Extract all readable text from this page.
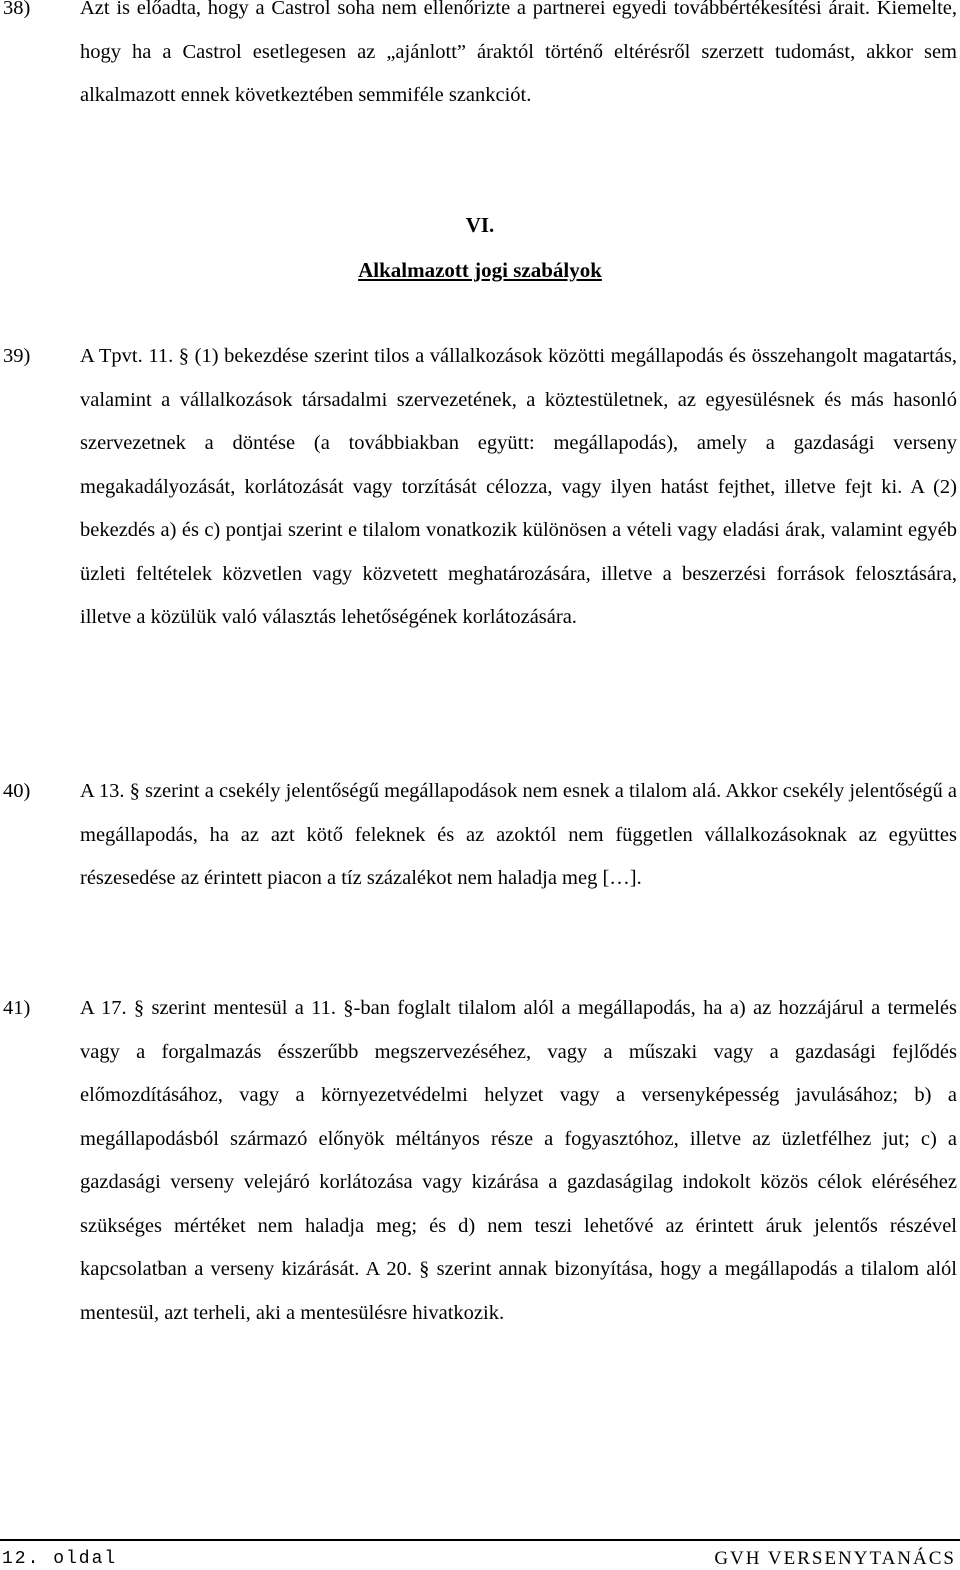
38) Azt is előadta, hogy a Castrol soha nem ellenőrizte a partnerei egyedi továbbértékesítési árait. Kiemelte, hogy ha a Castrol esetlegesen az „ajánlott” áraktól történő eltérésről szerzett tudomást, akkor sem alkalmazott ennek következtében semmiféle szankciót.
VI.
Alkalmazott jogi szabályok
39) A Tpvt. 11. § (1) bekezdése szerint tilos a vállalkozások közötti megállapodás és összehangolt magatartás, valamint a vállalkozások társadalmi szervezetének, a köztestületnek, az egyesülésnek és más hasonló szervezetnek a döntése (a továbbiakban együtt: megállapodás), amely a gazdasági verseny megakadályozását, korlátozását vagy torzítását célozza, vagy ilyen hatást fejthet, illetve fejt ki. A (2) bekezdés a) és c) pontjai szerint e tilalom vonatkozik különösen a vételi vagy eladási árak, valamint egyéb üzleti feltételek közvetlen vagy közvetett meghatározására, illetve a beszerzési források felosztására, illetve a közülük való választás lehetőségének korlátozására.
40) A 13. § szerint a csekély jelentőségű megállapodások nem esnek a tilalom alá. Akkor csekély jelentőségű a megállapodás, ha az azt kötő feleknek és az azoktól nem független vállalkozásoknak az együttes részesedése az érintett piacon a tíz százalékot nem haladja meg […].
41) A 17. § szerint mentesül a 11. §-ban foglalt tilalom alól a megállapodás, ha a) az hozzájárul a termelés vagy a forgalmazás ésszerűbb megszervezéséhez, vagy a műszaki vagy a gazdasági fejlődés előmozdításához, vagy a környezetvédelmi helyzet vagy a versenyképesség javulásához; b) a megállapodásból származó előnyök méltányos része a fogyasztóhoz, illetve az üzletfélhez jut; c) a gazdasági verseny velejáró korlátozása vagy kizárása a gazdaságilag indokolt közös célok eléréséhez szükséges mértéket nem haladja meg; és d) nem teszi lehetővé az érintett áruk jelentős részével kapcsolatban a verseny kizárását. A 20. § szerint annak bizonyítása, hogy a megállapodás a tilalom alól mentesül, azt terheli, aki a mentesülésre hivatkozik.
12. oldal	GVH VERSENYTANÁCS
